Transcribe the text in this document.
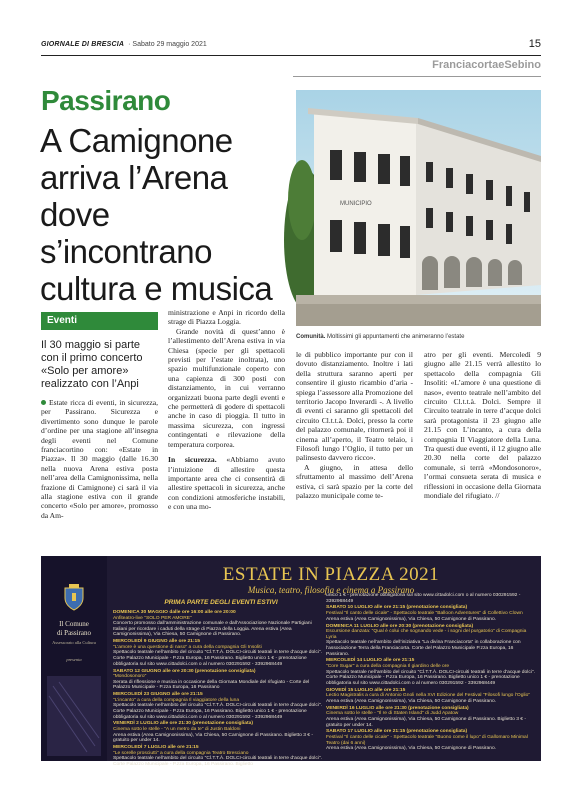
GIORNALE DI BRESCIA · Sabato 29 maggio 2021	15
FranciacortaeSebino
Passirano
A Camignone arriva l’Arena dove s’incontrano cultura e musica
MUNICIPIO
Comunità. Moltissimi gli appuntamenti che animeranno l’estate
Eventi
Il 30 maggio si parte con il primo concerto «Solo per amore» realizzato con l’Anpi

Estate ricca di eventi, in sicurezza, per Passirano. Sicurezza e divertimento sono dunque le parole d’ordine per una stagione all’insegna degli eventi nel Comune franciacortino con: «Estate in Piazza». Il 30 maggio (dalle 16.30 nella nuova Arena estiva posta nell’area della Camignonissima, nella frazione di Camignone) ci sarà il via alla stagione estiva con il grande concerto «Solo per amore», promosso da Am-

ministrazione e Anpi in ricordo della strage di Piazza Loggia.

Grande novità di quest’anno è l’allestimento dell’Arena estiva in via Chiesa (specie per gli spettacoli previsti per l’estate inoltrata), uno spazio multifunzionale coperto con una capienza di 300 posti con distanziamento, in cui verranno organizzati buona parte degli eventi e che permetterà di godere di spettacoli anche in caso di pioggia. Il tutto in massima sicurezza, con ingressi contingentati e rilevazione della temperatura corporea.

In sicurezza. «Abbiamo avuto l’intuizione di allestire questa importante area che ci consentirà di allestire spettacoli in sicurezza, anche con condizioni atmosferiche instabili, e con una mo-

le di pubblico importante pur con il dovuto distanziamento. Inoltre i lati della struttura saranno aperti per consentire il giusto ricambio d’aria - spiega l’assessore alla Promozione del territorio Jacopo Inverardi -. A livello di eventi ci saranno gli spettacoli del circuito Cl.t.t.à. Dolci, presso la corte del palazzo comunale, ritornerà poi il cinema all’aperto, il Teatro telaio, i Filosofi lungo l’Oglio, il tutto per un palinsesto davvero ricco».

A giugno, in attesa dello sfruttamento al massimo dell’Arena estiva, ci sarà spazio per la corte del palazzo municipale come te-

atro per gli eventi. Mercoledì 9 giugno alle 21.15 verrà allestito lo spettacolo della compagnia Gli Insoliti: «L’amore è una questione di naso», evento teatrale nell’ambito del circuito Cl.t.t.à. Dolci. Sempre il Circuito teatrale in terre d’acque dolci sarà protagonista il 23 giugno alle 21.15 con L’incanto, a cura della compagnia Il Viaggiatore della Luna. Tra questi due eventi, il 12 giugno alle 20.30 nella corte del palazzo comunale, si terrà «Mondosonoro», l’ormai consueta serata di musica e riflessioni in occasione della Giornata mondiale del rifugiato. //

Il Comune
di Passirano
Assessorato alla Cultura
presenta
ESTATE IN PIAZZA 2021
Musica, teatro, filosofia e cinema a Passirano
PRIMA PARTE DEGLI EVENTI ESTIVI
DOMENICA 30 MAGGIO dalle ore 16:00 alle ore 20:00
Anfiteatro-live "SOLO PER AMORE"
Concerto promosso dall’amministrazione comunale e dall’Associazione Nazionale Partigiani Italiani per ricordare i caduti della strage di Piazza della Loggia. Arena estiva (Area Camignonissima), Via Chiesa, 50 Camignone di Passirano.
MERCOLEDÌ 9 GIUGNO alle ore 21:15
"L’amore è una questione di naso" a cura della compagnia Gli Insoliti
Spettacolo teatrale nell’ambito del circuito "Cl.T.T.À. DOLCI-circuiti teatrali in terre d’acque dolci". Corte Palazzo Municipale - P.zza Europa, 16 Passirano. Biglietto unico 1 € - prenotazione obbligatoria sul sito www.cittadolci.com o al numero 030291592 - 3392968449
SABATO 12 GIUGNO alle ore 20:30 (prenotazione consigliata)
"Mondosonoro"
Serata di riflessione e musica in occasione della Giornata Mondiale del rifugiato - Corte del Palazzo Municipale - P.zza Europa, 16 Passirano
MERCOLEDÌ 23 GIUGNO alle ore 21:15
"L’incanto" a cura della compagnia Il viaggiatore della luna
Spettacolo teatrale nell’ambito del circuito "Cl.T.T.À. DOLCI-circuiti teatrali in terre d’acque dolci". Corte Palazzo Municipale - P.zza Europa, 16 Passirano. Biglietto unico 1 € - prenotazione obbligatoria sul sito www.cittadolci.com o al numero 030291592 - 3392968449
VENERDÌ 2 LUGLIO alle ore 21:30 (prenotazione consigliata)
Cinema sotto le stelle - "A un metro da te" di Justin Baldoni
Arena estiva (Area Camignonissima), Via Chiesa, 50 Camignone di Passirano. Biglietto 3 € - gratuito per under 14.
MERCOLEDÌ 7 LUGLIO alle ore 21:15
"Le sorelle prosciutti" a cura della compagnia Teatro Bresciano
Spettacolo teatrale nell’ambito del circuito "Cl.T.T.À. DOLCI-circuiti teatrali in terre d’acque dolci". Corte Palazzo Municipale - P.zza Europa, 16 Passirano. Biglietto
unico 1 € - prenotazione obbligatoria sul sito www.cittadolci.com o al numero 030291592 - 3392968449
SABATO 10 LUGLIO alle ore 21:15 (prenotazione consigliata)
Festival "Il canto delle cicale" - Spettacolo teatrale "Balloon Adventures" di Collettivo Clown
Arena estiva (Area Camignonissima), Via Chiesa, 50 Camignone di Passirano.
DOMENICA 11 LUGLIO alle ore 20:30 (prenotazione consigliata)
Escursione danzata: "Qual è colui che sognando vede - i sogni del purgatorio" di Compagnia Lyria
Spettacolo teatrale nell’ambito dell’iniziativa "La divina Franciacorta" in collaborazione con l’associazione Terra della Franciacorta. Corte del Palazzo Municipale P.zza Europa, 16 Passirano.
MERCOLEDÌ 14 LUGLIO alle ore 21:15
"Core Sugar" a cura della compagnia Il giardino delle ore
Spettacolo teatrale nell’ambito del circuito "Cl.T.T.À. DOLCI-circuiti teatrali in terre d’acque dolci". Corte Palazzo Municipale - P.zza Europa, 16 Passirano. Biglietto unico 1 € - prenotazione obbligatoria sul sito www.cittadolci.com o al numero 030291592 - 3392968449
GIOVEDÌ 15 LUGLIO alle ore 21:15
Lectio Magistralis a cura di Antonio Gnoli nella XVI Edizione del Festival "Filosofi lungo l’Oglio"
Arena estiva (Area Camignonissima), Via Chiesa, 50 Camignone di Passirano.
VENERDÌ 16 LUGLIO alle ore 21:30 (prenotazione consigliata)
Cinema sotto le stelle - "Il re di Staten Island" di Judd Apatow
Arena estiva (Area Camignonissima), Via Chiesa, 50 Camignone di Passirano. Biglietto 3 € - gratuito per under 14.
SABATO 17 LUGLIO alle ore 21:15 (prenotazione consigliata)
Festival "Il canto delle cicale" - Spettacolo teatrale "Buono come il lupo" di Gallomaro Minimal Teatro (dai 6 anni)
Arena estiva (Area Camignonissima), Via Chiesa, 50 Camignone di Passirano.
